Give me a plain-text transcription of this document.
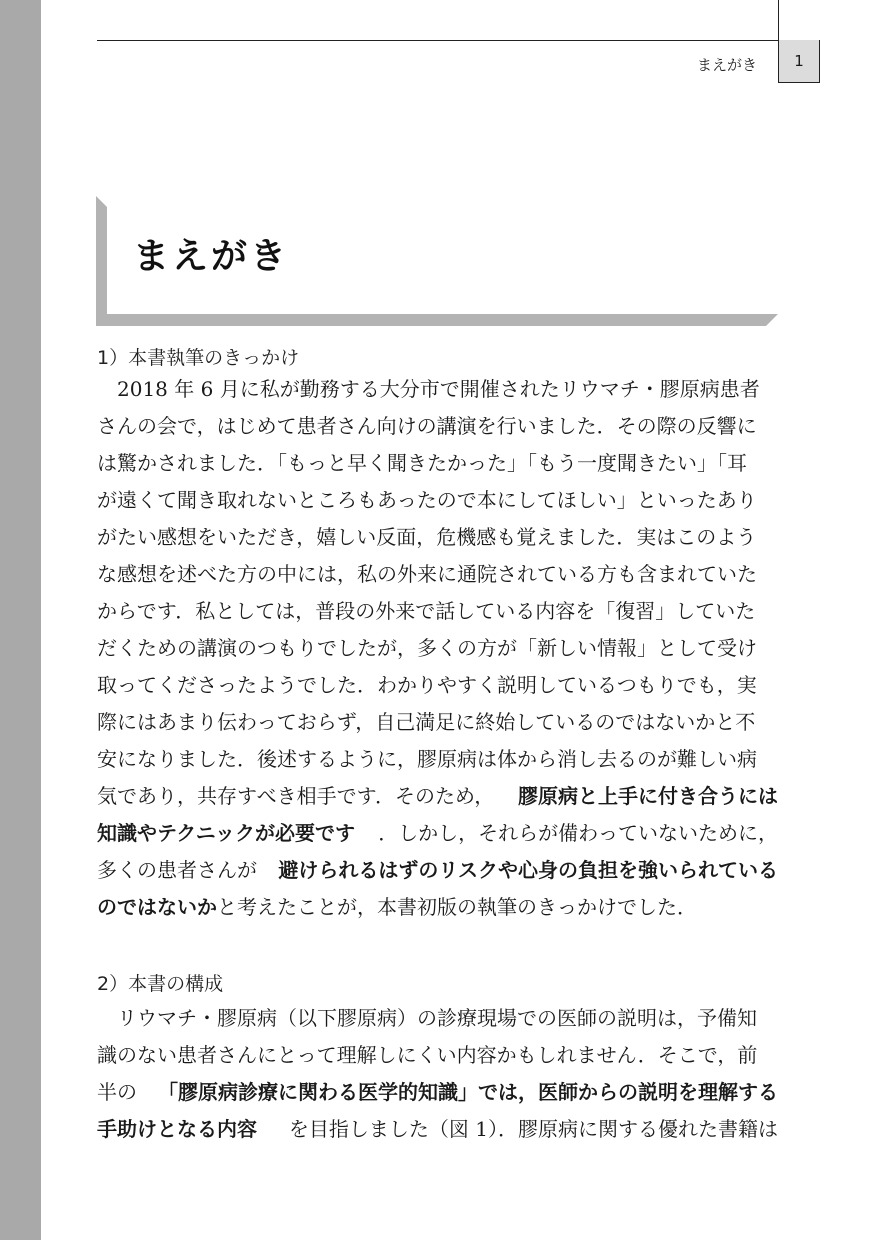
まえがき	1
まえがき
1）本書執筆のきっかけ
　2018 年 6 月に私が勤務する大分市で開催されたリウマチ・膠原病患者
さんの会で，はじめて患者さん向けの講演を行いました．その際の反響に
は驚かされました．「もっと早く聞きたかった」「もう一度聞きたい」「耳
が遠くて聞き取れないところもあったので本にしてほしい」といったあり
がたい感想をいただき，嬉しい反面，危機感も覚えました．実はこのよう
な感想を述べた方の中には，私の外来に通院されている方も含まれていた
からです．私としては，普段の外来で話している内容を「復習」していた
だくための講演のつもりでしたが，多くの方が「新しい情報」として受け
取ってくださったようでした．わかりやすく説明しているつもりでも，実
際にはあまり伝わっておらず，自己満足に終始しているのではないかと不
安になりました．後述するように，膠原病は体から消し去るのが難しい病
気であり，共存すべき相手です．そのため， 膠原病と上手に付き合うには
知識やテクニックが必要です ．しかし，それらが備わっていないために，
多くの患者さんが 避けられるはずのリスクや心身の負担を強いられている
のではないか と考えたことが，本書初版の執筆のきっかけでした．
2）本書の構成
　リウマチ・膠原病（以下膠原病）の診療現場での医師の説明は，予備知
識のない患者さんにとって理解しにくい内容かもしれません．そこで，前
半の 「膠原病診療に関わる医学的知識」では，医師からの説明を理解する
手助けとなる内容 を目指しました（図 1）．膠原病に関する優れた書籍は
